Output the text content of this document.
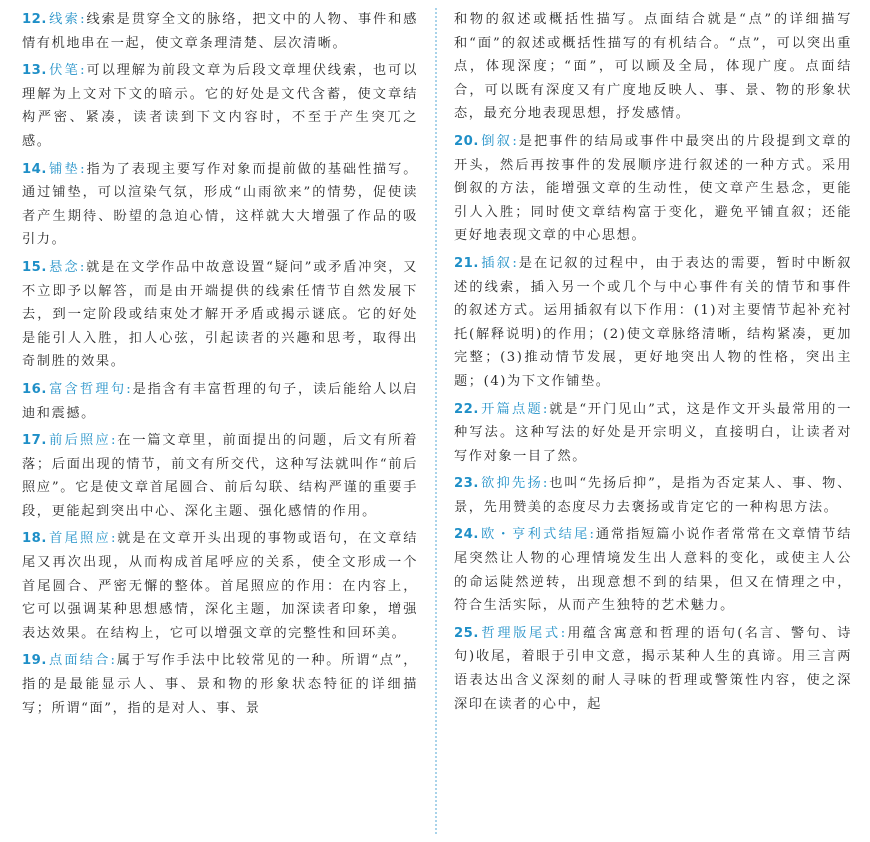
12. 线索:线索是贯穿全文的脉络，把文中的人物、事件和感情有机地串在一起，使文章条理清楚、层次清晰。

13. 伏笔:可以理解为前段文章为后段文章埋伏线索，也可以理解为上文对下文的暗示。它的好处是文代含蓄，使文章结构严密、紧凑，读者读到下文内容时，不至于产生突兀之感。

14. 铺垫:指为了表现主要写作对象而提前做的基础性描写。通过铺垫，可以渲染气氛，形成“山雨欲来”的情势，促使读者产生期待、盼望的急迫心情，这样就大大增强了作品的吸引力。

15. 悬念:就是在文学作品中故意设置“疑问”或矛盾冲突，又不立即予以解答，而是由开端提供的线索任情节自然发展下去，到一定阶段或结束处才解开矛盾或揭示谜底。它的好处是能引人入胜，扣人心弦，引起读者的兴趣和思考，取得出奇制胜的效果。

16. 富含哲理句:是指含有丰富哲理的句子，读后能给人以启迪和震撼。

17. 前后照应:在一篇文章里，前面提出的问题，后文有所着落；后面出现的情节，前文有所交代，这种写法就叫作“前后照应”。它是使文章首尾圆合、前后勾联、结构严谨的重要手段，更能起到突出中心、深化主题、强化感情的作用。

18. 首尾照应:就是在文章开头出现的事物或语句，在文章结尾又再次出现，从而构成首尾呼应的关系，使全文形成一个首尾圆合、严密无懈的整体。首尾照应的作用：在内容上，它可以强调某种思想感情，深化主题，加深读者印象，增强表达效果。在结构上，它可以增强文章的完整性和回环美。

19. 点面结合:属于写作手法中比较常见的一种。所谓“点”，指的是最能显示人、事、景和物的形象状态特征的详细描写；所谓“面”，指的是对人、事、景

和物的叙述或概括性描写。点面结合就是“点”的详细描写和“面”的叙述或概括性描写的有机结合。“点”，可以突出重点，体现深度；“面”，可以顾及全局，体现广度。点面结合，可以既有深度又有广度地反映人、事、景、物的形象状态，最充分地表现思想，抒发感情。

20. 倒叙:是把事件的结局或事件中最突出的片段提到文章的开头，然后再按事件的发展顺序进行叙述的一种方式。采用倒叙的方法，能增强文章的生动性，使文章产生悬念，更能引人入胜；同时使文章结构富于变化，避免平铺直叙；还能更好地表现文章的中心思想。

21. 插叙:是在记叙的过程中，由于表达的需要，暂时中断叙述的线索，插入另一个或几个与中心事件有关的情节和事件的叙述方式。运用插叙有以下作用：(1)对主要情节起补充衬托(解释说明)的作用；(2)使文章脉络清晰，结构紧凑，更加完整；(3)推动情节发展，更好地突出人物的性格，突出主题；(4)为下文作铺垫。

22. 开篇点题:就是“开门见山”式，这是作文开头最常用的一种写法。这种写法的好处是开宗明义，直接明白，让读者对写作对象一目了然。

23. 欲抑先扬:也叫“先扬后抑”，是指为否定某人、事、物、景，先用赞美的态度尽力去褒扬或肯定它的一种构思方法。

24. 欧・亨利式结尾:通常指短篇小说作者常常在文章情节结尾突然让人物的心理情境发生出人意料的变化，或使主人公的命运陡然逆转，出现意想不到的结果，但又在情理之中，符合生活实际，从而产生独特的艺术魅力。

25. 哲理版尾式:用蕴含寓意和哲理的语句(名言、警句、诗句)收尾，着眼于引申文意，揭示某种人生的真谛。用三言两语表达出含义深刻的耐人寻味的哲理或警策性内容，使之深深印在读者的心中，起
